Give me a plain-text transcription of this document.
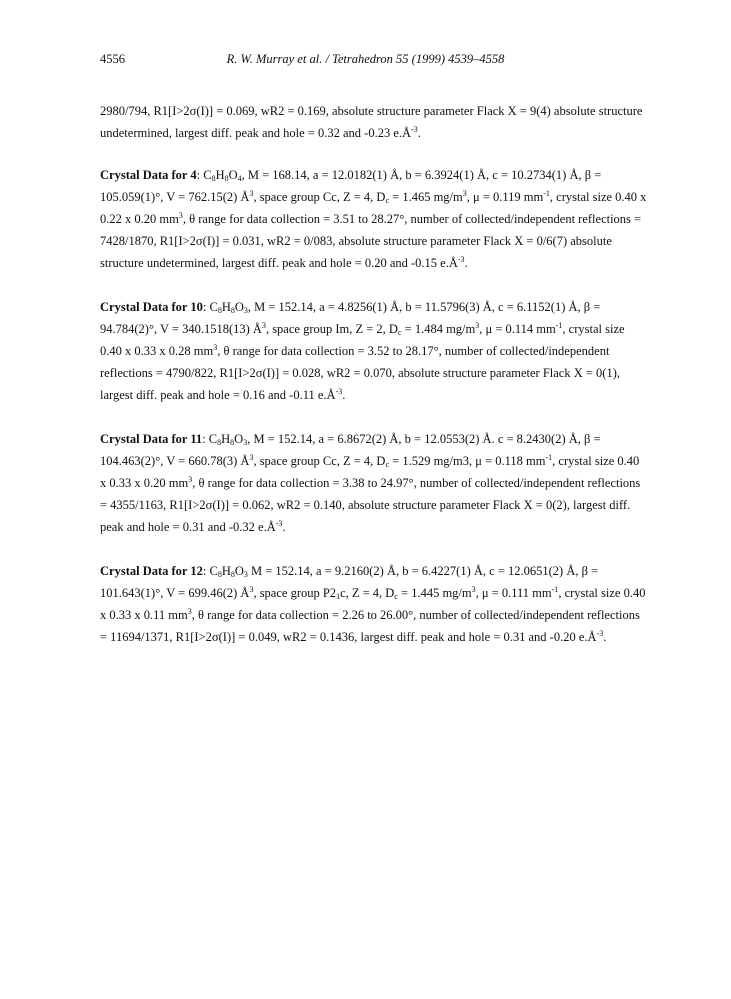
4556	R. W. Murray et al. / Tetrahedron 55 (1999) 4539–4558
2980/794, R1[I>2σ(I)] = 0.069, wR2 = 0.169, absolute structure parameter Flack X = 9(4) absolute structure
undetermined, largest diff. peak and hole = 0.32 and -0.23 $e.Å^{-3}$.
Crystal Data for 4: $C_8H_8O_4$, M = 168.14, a = 12.0182(1) Å, b = 6.3924(1) Å, c = 10.2734(1) Å, β =
105.059(1)°, V = 762.15(2) $Å^3$, space group Cc, Z = 4, $D_c = 1.465$ $mg/m^3$, μ = 0.119 $mm^{-1}$, crystal size 0.40 x
0.22 x 0.20 $mm^3$, θ range for data collection = 3.51 to 28.27°, number of collected/independent reflections =
7428/1870, R1[I>2σ(I)] = 0.031, wR2 = 0/083, absolute structure parameter Flack X = 0/6(7) absolute
structure undetermined, largest diff. peak and hole = 0.20 and -0.15 $e.Å^{-3}$.
Crystal Data for 10: $C_8H_8O_3$, M = 152.14, a = 4.8256(1) Å, b = 11.5796(3) Å, c = 6.1152(1) Å, β =
94.784(2)°, V = 340.1518(13) $Å^3$, space group Im, Z = 2, $D_c = 1.484$ $mg/m^3$, μ = 0.114 $mm^{-1}$, crystal size
0.40 x 0.33 x 0.28 $mm^3$, θ range for data collection = 3.52 to 28.17°, number of collected/independent
reflections = 4790/822, R1[I>2σ(I)] = 0.028, wR2 = 0.070, absolute structure parameter Flack X = 0(1),
largest diff. peak and hole = 0.16 and -0.11 $e.Å^{-3}$.
Crystal Data for 11: $C_8H_8O_3$, M = 152.14, a = 6.8672(2) Å, b = 12.0553(2) Å. c = 8.2430(2) Å, β =
104.463(2)°, V = 660.78(3) $Å^3$, space group Cc, Z = 4, $D_c = 1.529$ mg/m3, μ = 0.118 $mm^{-1}$, crystal size 0.40
x 0.33 x 0.20 $mm^3$, θ range for data collection = 3.38 to 24.97°, number of collected/independent reflections
= 4355/1163, R1[I>2σ(I)] = 0.062, wR2 = 0.140, absolute structure parameter Flack X = 0(2), largest diff.
peak and hole = 0.31 and -0.32 $e.Å^{-3}$.
Crystal Data for 12: $C_8H_8O_3$ M = 152.14, a = 9.2160(2) Å, b = 6.4227(1) Å, c = 12.0651(2) Å, β =
101.643(1)°, V = 699.46(2) $Å^3$, space group $P2_1c$, Z = 4, $D_c = 1.445$ $mg/m^3$, μ = 0.111 $mm^{-1}$, crystal size 0.40
x 0.33 x 0.11 $mm^3$, θ range for data collection = 2.26 to 26.00°, number of collected/independent reflections
= 11694/1371, R1[I>2σ(I)] = 0.049, wR2 = 0.1436, largest diff. peak and hole = 0.31 and -0.20 $e.Å^{-3}$.
